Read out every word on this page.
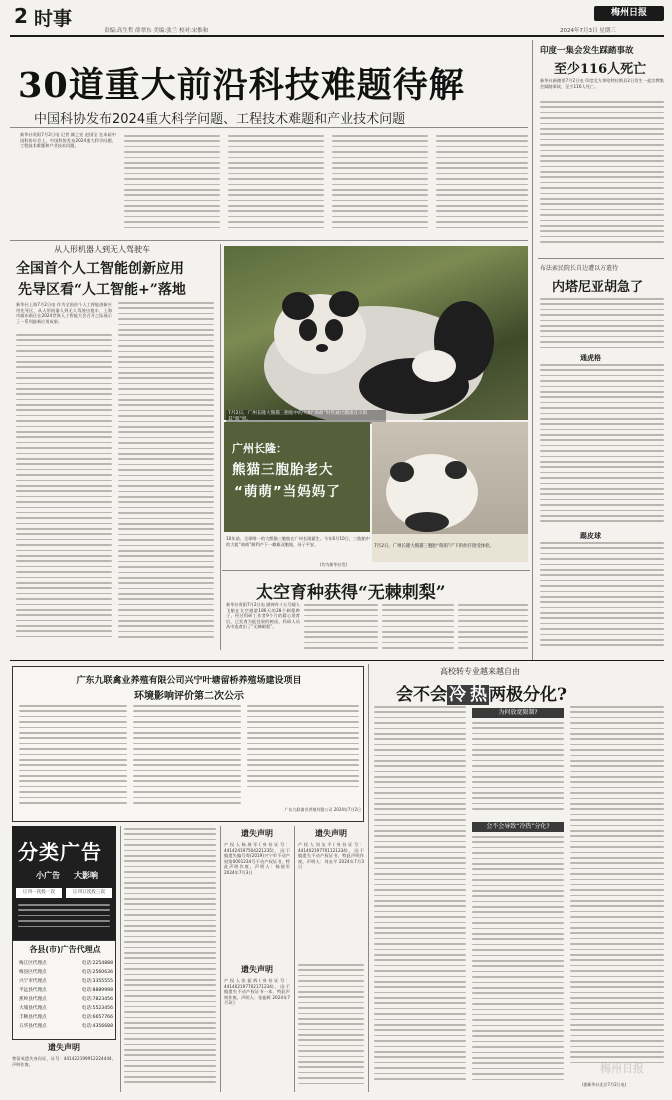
2 时事
责编:高生哲 薛翠东 美编:张兰 校对:宋惟和
梅州日报
2024年7月3日 星期三
30道重大前沿科技难题待解
中国科协发布2024重大科学问题、工程技术难题和产业技术问题
新华社贵阳7月2日电 记者 颜之宏 赵国宝 在本届中国科协年会上，中国科协发布2024重大科学问题、工程技术难题和产业技术问题。
印度一集会发生踩踏事故
至少116人死亡
新华社新德里7月2日电 印度北方邦哈特拉斯县2日发生一起宗教集会踩踏事故，至少116人死亡。
布法索民院长自边遭以方遣待
内塔尼亚胡急了
通虎格
踢皮球
从人形机器人到无人驾驶车
全国首个人工智能创新应用
先导区看“人工智能+”落地
新华社上海7月2日电 作为全国首个人工智能创新应用先导区，从人形机器人到无人驾驶出租车，上海市浦东新区在2024世界人工智能大会召开之际展示了一系列最新应用成果。
7月2日，广州长隆大熊猫三胞胎中的大姐“萌萌”时常通过翻滚宣示的其“萌”样。
广州长隆：
熊猫三胞胎老大
“萌萌”当妈妈了
7月2日，广州长隆大熊猫三胞胎“萌萌”产下的幼仔接受体检。
10年前，全球唯一的大熊猫三胞胎在广州长隆诞生。今年6月10日，三胞胎中的大姐“萌萌”顺利产下一雌雄双胞胎，母子平安。
(均为新华社发)
太空育种获得“无棘刺梨”
新华社贵阳7月2日电 随神舟十五号载人飞船在太空遨游186天的28个刺梨种子，经过科研工作者9个月的精心培育后，已发育为能挂果的树苗，科研人员从中选育出了“无棘刺梨”。
广东九联禽业养殖有限公司兴宁叶塘留桥养殖场建设项目
环境影响评价第二次公示
广东九联禽业养殖有限公司 2024年7月2日
分类广告
小广告 大影响
订刊一次投一次	订刊订次投三次
各县(市)广告代理点
梅江区代理点	电话:2254888
梅县区代理点	电话:2560636
兴宁市代理点	电话:3355555
平远县代理点	电话:8889998
蕉岭县代理点	电话:7823456
大埔县代理点	电话:5523456
丰顺县代理点	电话:6657766
五华县代理点	电话:4356688
遗失声明
曾留英遗失身份证，证号：441422199912224444，声明作废。
遗失声明
产权人杨展军(身份证号：441424197504221235)，因不慎遗失编号粤(2019)兴宁市不动产权第0001234号不动产权证书，特此声明作废。声明人：杨展军 2024年7月3日
遗失声明
产权人张振辉(身份证号：441402197702171234)，因不慎遗失不动产权证书一本，特此声明作废。声明人：张振辉 2024年7月3日
遗失声明
产权人刘友平(身份证号：441402197701121234)，因不慎遗失不动产权证书，特此声明作废。声明人：刘友平 2024年7月3日
高校转专业越来越自由
会不会 冷 热 两极分化?
为何放宽限制?
会不会导致“冷热”分化?
(据新华社北京7月2日电)
梅州日报
